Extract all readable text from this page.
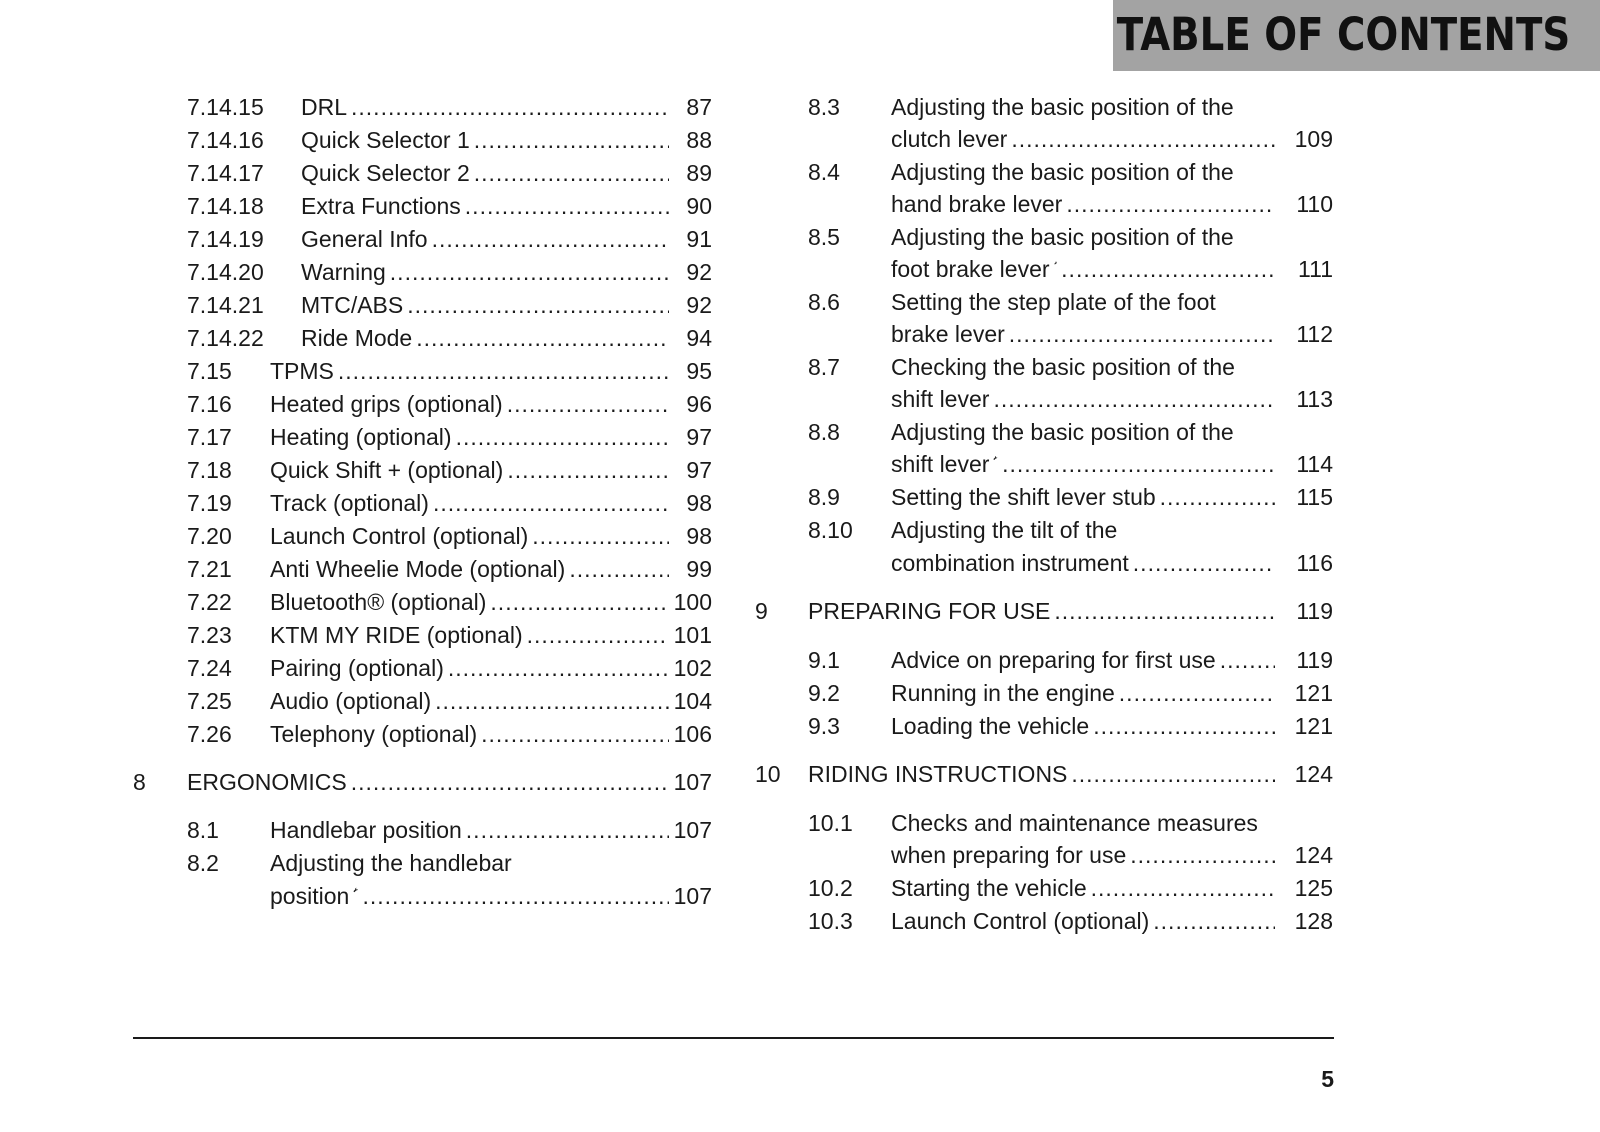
TABLE OF CONTENTS
7.14.15 DRL .....	87
7.14.16 Quick Selector 1 .....	88
7.14.17 Quick Selector 2 .....	89
7.14.18 Extra Functions .....	90
7.14.19 General Info .....	91
7.14.20 Warning .....	92
7.14.21 MTC/ABS .....	92
7.14.22 Ride Mode .....	94
7.15 TPMS .....	95
7.16 Heated grips (optional) .....	96
7.17 Heating (optional) .....	97
7.18 Quick Shift + (optional) .....	97
7.19 Track (optional) .....	98
7.20 Launch Control (optional) .....	98
7.21 Anti Wheelie Mode (optional) .....	99
7.22 Bluetooth® (optional) .....	100
7.23 KTM MY RIDE (optional) .....	101
7.24 Pairing (optional) .....	102
7.25 Audio (optional) .....	104
7.26 Telephony (optional) .....	106
8 ERGONOMICS .....	107
8.1 Handlebar position .....	107
8.2 Adjusting the handlebar
position .....	107
8.3 Adjusting the basic position of the
clutch lever .....	109
8.4 Adjusting the basic position of the
hand brake lever .....	110
8.5 Adjusting the basic position of the
foot brake lever .....	111
8.6 Setting the step plate of the foot
brake lever .....	112
8.7 Checking the basic position of the
shift lever .....	113
8.8 Adjusting the basic position of the
shift lever .....	114
8.9 Setting the shift lever stub .....	115
8.10 Adjusting the tilt of the
combination instrument .....	116
9 PREPARING FOR USE .....	119
9.1 Advice on preparing for first use .....	119
9.2 Running in the engine .....	121
9.3 Loading the vehicle .....	121
10 RIDING INSTRUCTIONS .....	124
10.1 Checks and maintenance measures
when preparing for use .....	124
10.2 Starting the vehicle .....	125
10.3 Launch Control (optional) .....	128
5
